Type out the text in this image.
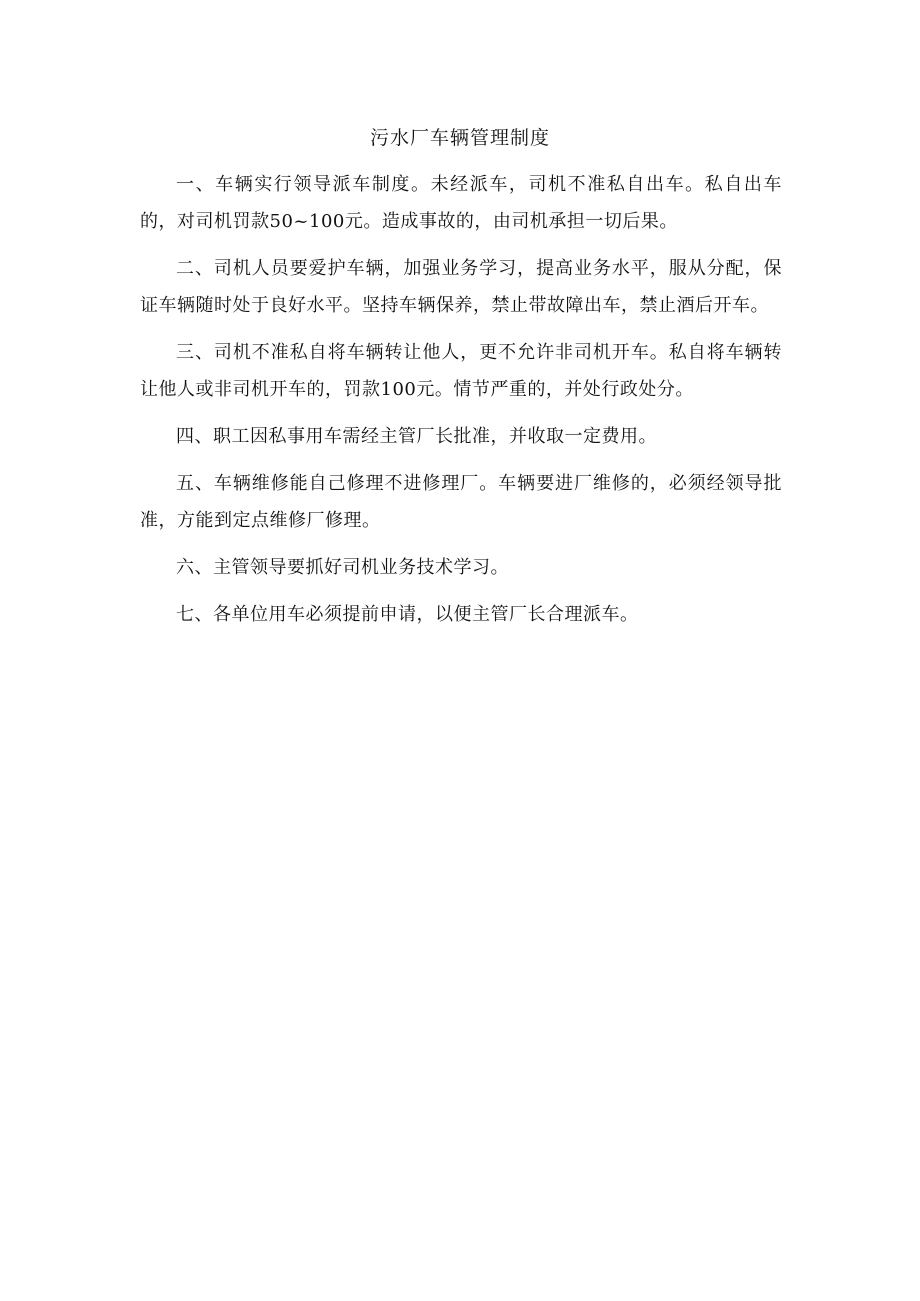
污水厂车辆管理制度

一、车辆实行领导派车制度。未经派车，司机不准私自出车。私自出车的，对司机罚款50~100元。造成事故的，由司机承担一切后果。

二、司机人员要爱护车辆，加强业务学习，提高业务水平，服从分配，保证车辆随时处于良好水平。坚持车辆保养，禁止带故障出车，禁止酒后开车。

三、司机不准私自将车辆转让他人，更不允许非司机开车。私自将车辆转让他人或非司机开车的，罚款100元。情节严重的，并处行政处分。

四、职工因私事用车需经主管厂长批准，并收取一定费用。

五、车辆维修能自己修理不进修理厂。车辆要进厂维修的，必须经领导批准，方能到定点维修厂修理。

六、主管领导要抓好司机业务技术学习。

七、各单位用车必须提前申请，以便主管厂长合理派车。
